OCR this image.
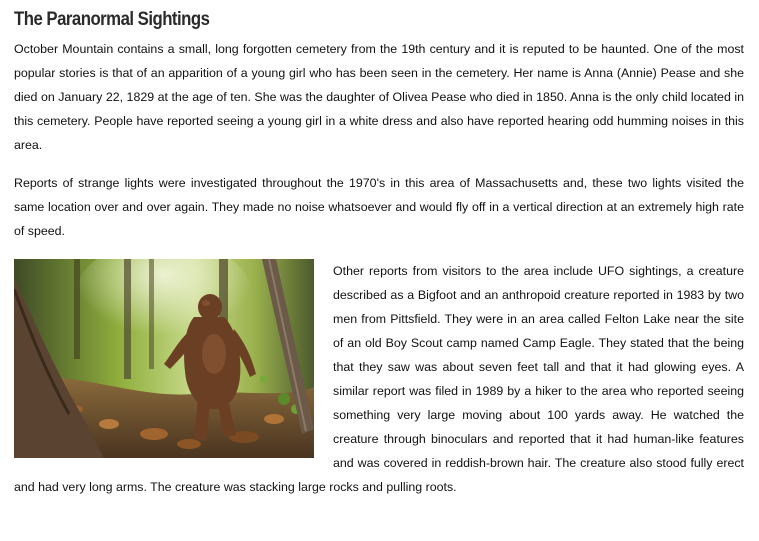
The Paranormal Sightings

October Mountain contains a small, long forgotten cemetery from the 19th century and it is reputed to be haunted. One of the most popular stories is that of an apparition of a young girl who has been seen in the cemetery. Her name is Anna (Annie) Pease and she died on January 22, 1829 at the age of ten. She was the daughter of Olivea Pease who died in 1850. Anna is the only child located in this cemetery. People have reported seeing a young girl in a white dress and also have reported hearing odd humming noises in this area.

Reports of strange lights were investigated throughout the 1970's in this area of Massachusetts and, these two lights visited the same location over and over again. They made no noise whatsoever and would fly off in a vertical direction at an extremely high rate of speed.

Other reports from visitors to the area include UFO sightings, a creature described as a Bigfoot and an anthropoid creature reported in 1983 by two men from Pittsfield. They were in an area called Felton Lake near the site of an old Boy Scout camp named Camp Eagle. They stated that the being that they saw was about seven feet tall and that it had glowing eyes. A similar report was filed in 1989 by a hiker to the area who reported seeing something very large moving about 100 yards away. He watched the creature through binoculars and reported that it had human-like features and was covered in reddish-brown hair. The creature also stood fully erect and had very long arms. The creature was stacking large rocks and pulling roots.
